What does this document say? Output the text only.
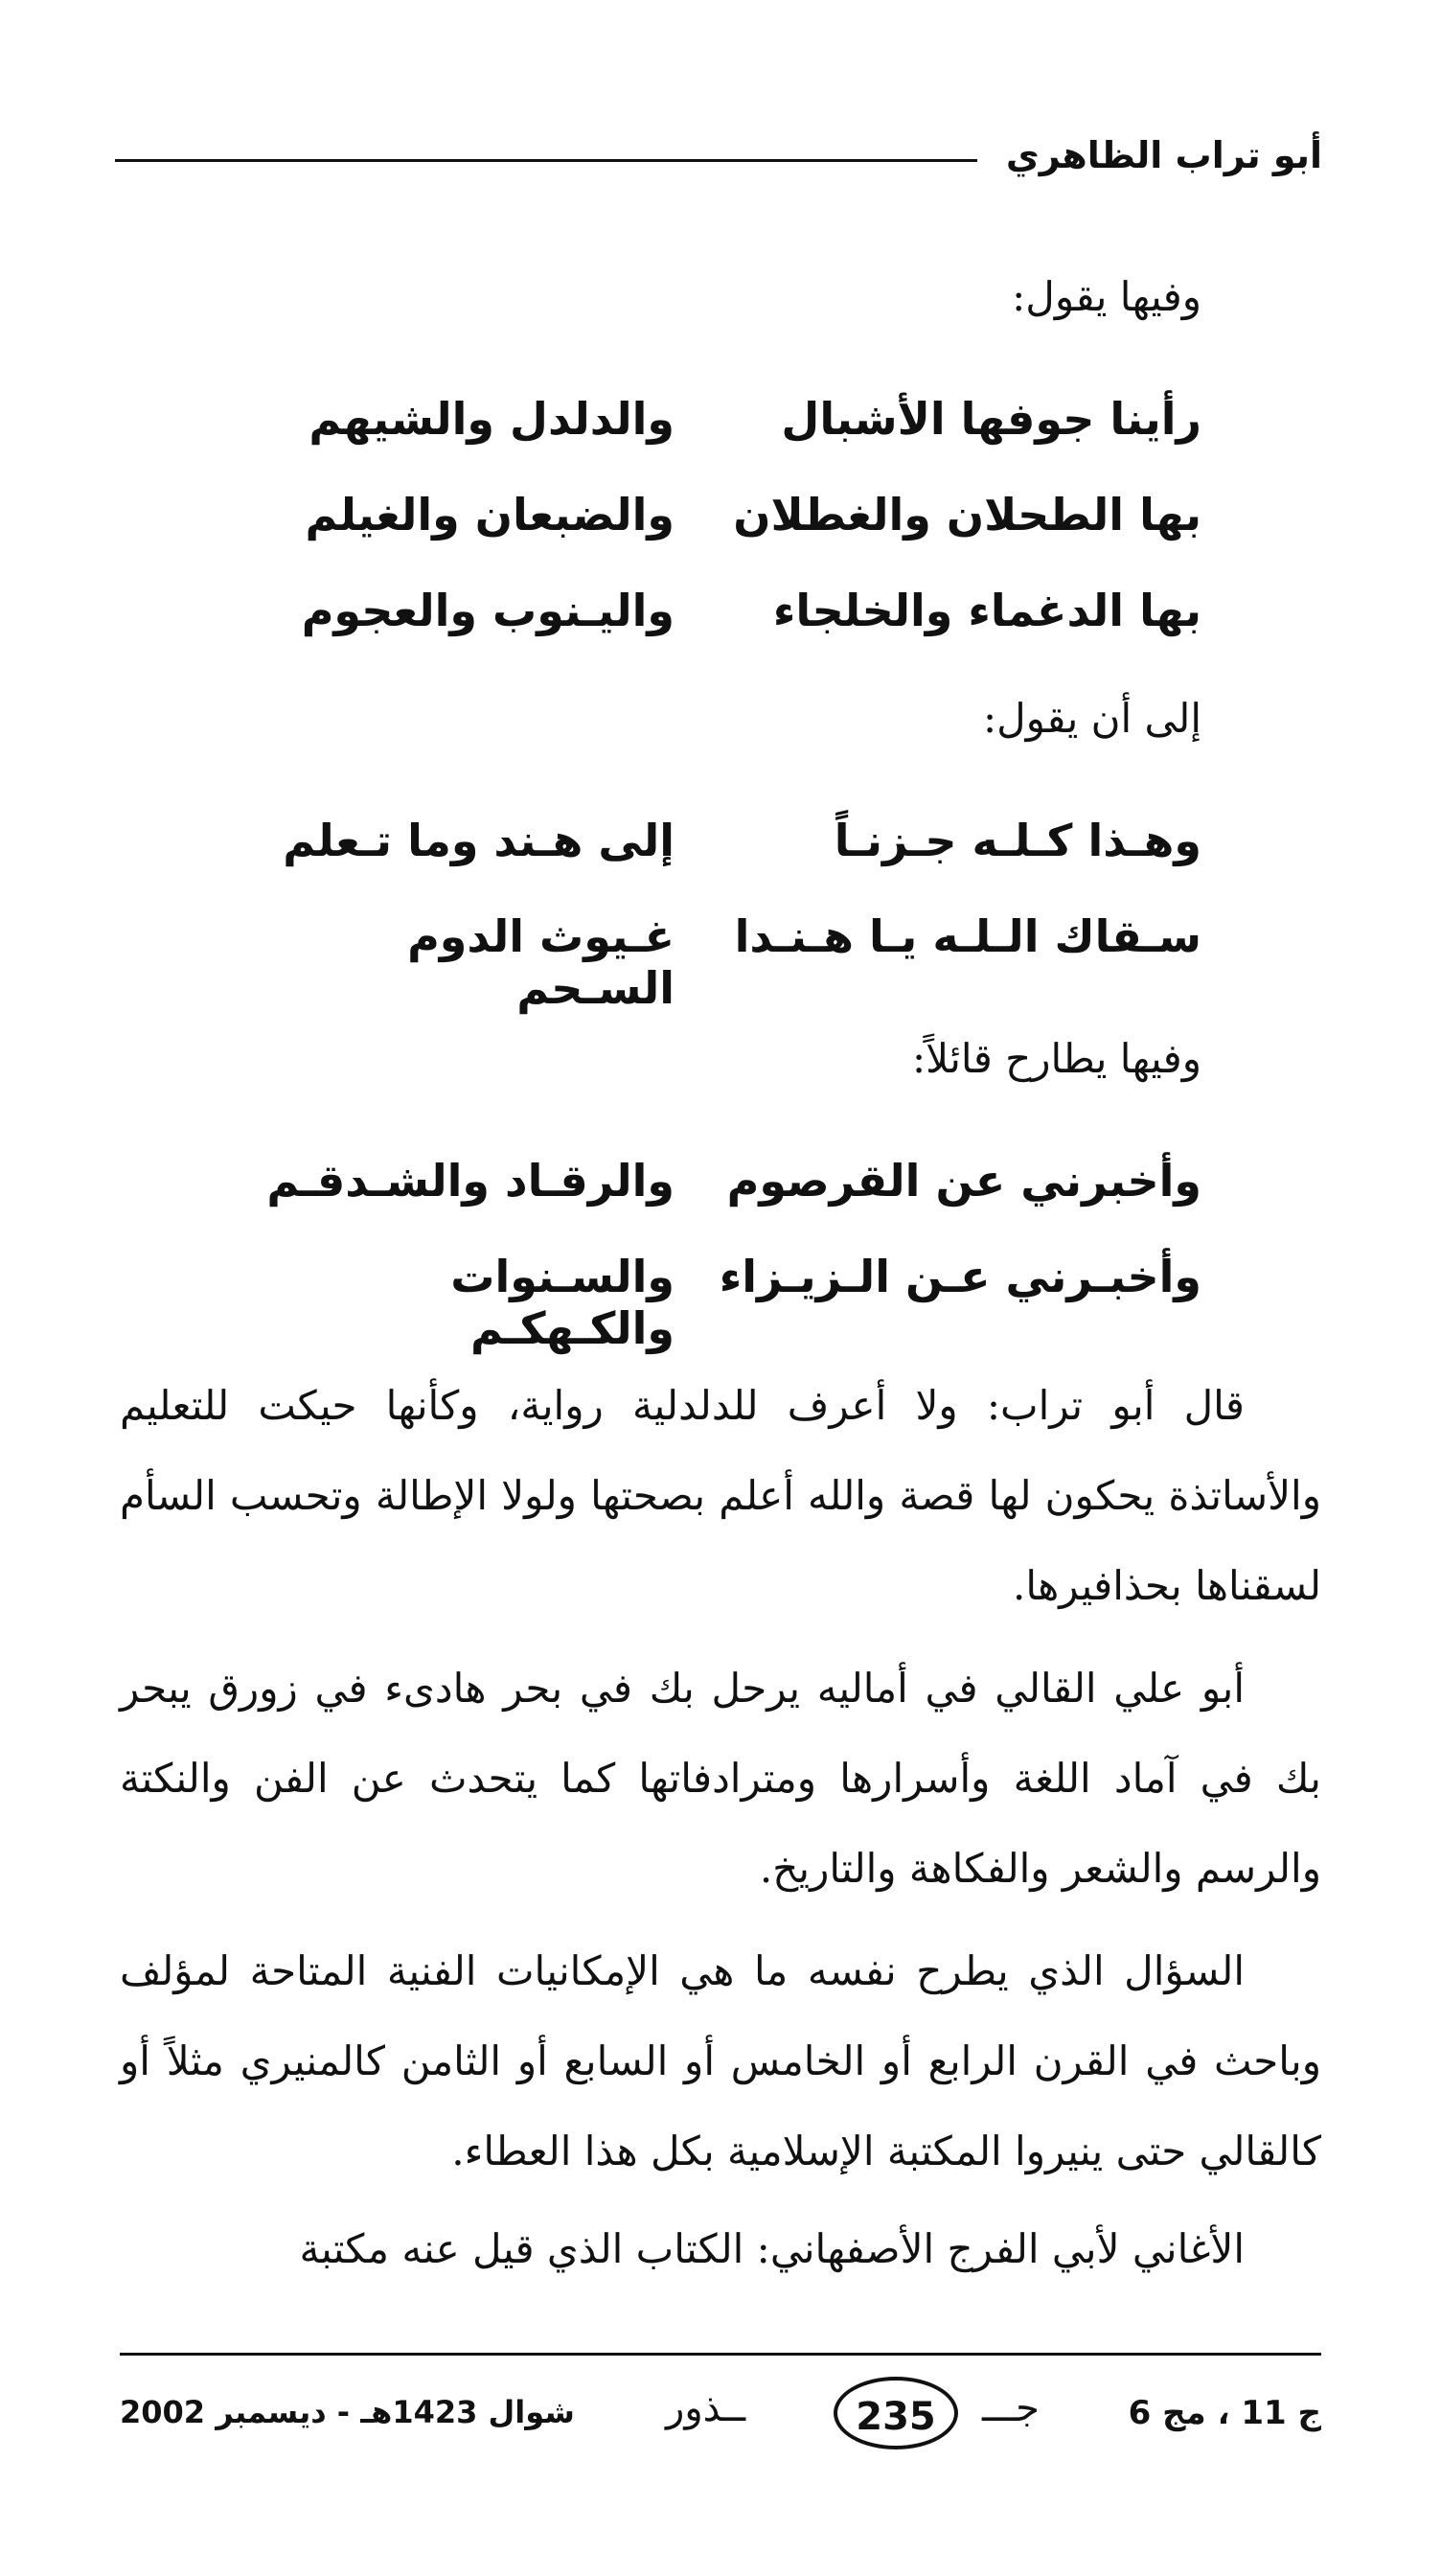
أبو تراب الظاهري
وفيها يقول:
رأينا جوفها الأشبال
والدلدل والشيهم
بها الطحلان والغطلان
والضبعان والغيلم
بها الدغماء والخلجاء
واليـنوب والعجوم
إلى أن يقول:
وهـذا كـلـه جـزنـاً
إلى هـند وما تـعلم
سـقاك الـلـه يـا هـنـدا
غـيوث الدوم السـحم
وفيها يطارح قائلاً:
وأخبرني عن القرصوم
والرقـاد والشـدقـم
وأخبـرني عـن الـزيـزاء
والسـنوات والكـهكـم

قال أبو تراب: ولا أعرف للدلدلية رواية، وكأنها حيكت للتعليم والأساتذة يحكون لها قصة والله أعلم بصحتها ولولا الإطالة وتحسب السأم لسقناها بحذافيرها.

أبو علي القالي في أماليه يرحل بك في بحر هادىء في زورق يبحر بك في آماد اللغة وأسرارها ومترادفاتها كما يتحدث عن الفن والنكتة والرسم والشعر والفكاهة والتاريخ.

السؤال الذي يطرح نفسه ما هي الإمكانيات الفنية المتاحة لمؤلف وباحث في القرن الرابع أو الخامس أو السابع أو الثامن كالمنيري مثلاً أو كالقالي حتى ينيروا المكتبة الإسلامية بكل هذا العطاء.

الأغاني لأبي الفرج الأصفهاني: الكتاب الذي قيل عنه مكتبة

ج 11 ، مج 6
جـــ
235
ــذور
شوال 1423هـ - ديسمبر 2002
